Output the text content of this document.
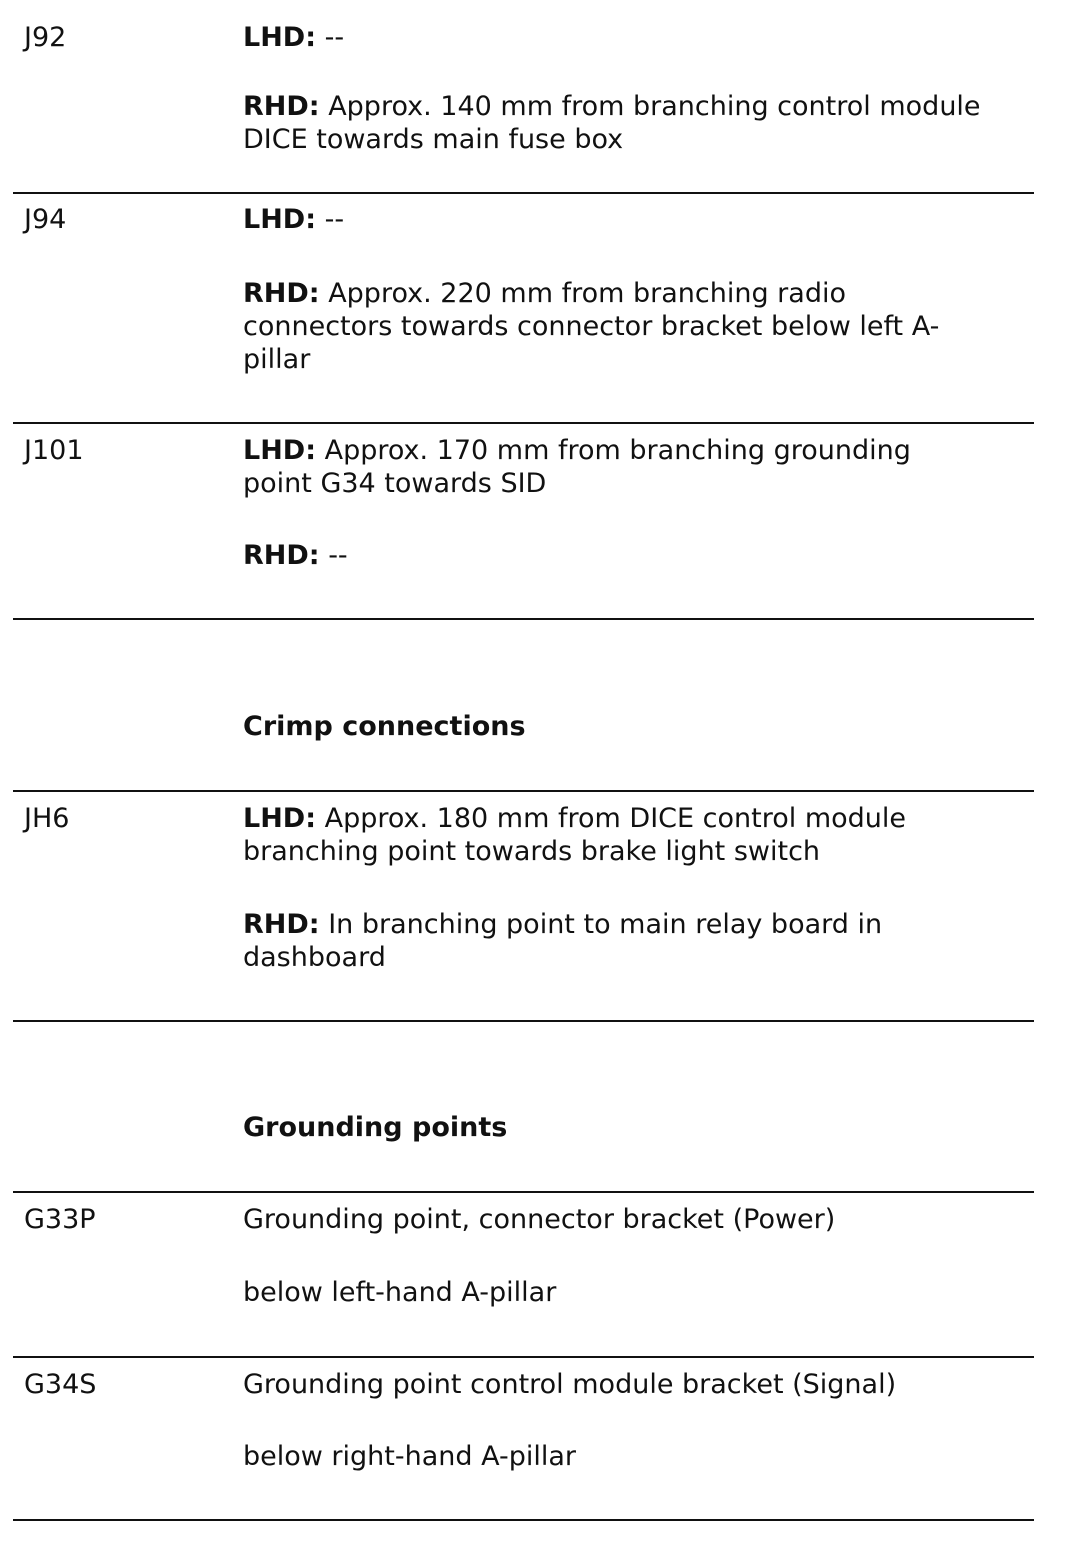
J92	LHD: --
RHD: Approx. 140 mm from branching control module
DICE towards main fuse box
J94	LHD: --
RHD: Approx. 220 mm from branching radio
connectors towards connector bracket below left A-
pillar
J101	LHD: Approx. 170 mm from branching grounding
point G34 towards SID
RHD: --
Crimp connections
JH6	LHD: Approx. 180 mm from DICE control module
branching point towards brake light switch
RHD: In branching point to main relay board in
dashboard
Grounding points
G33P	Grounding point, connector bracket (Power)
below left-hand A-pillar
G34S	Grounding point control module bracket (Signal)
below right-hand A-pillar
